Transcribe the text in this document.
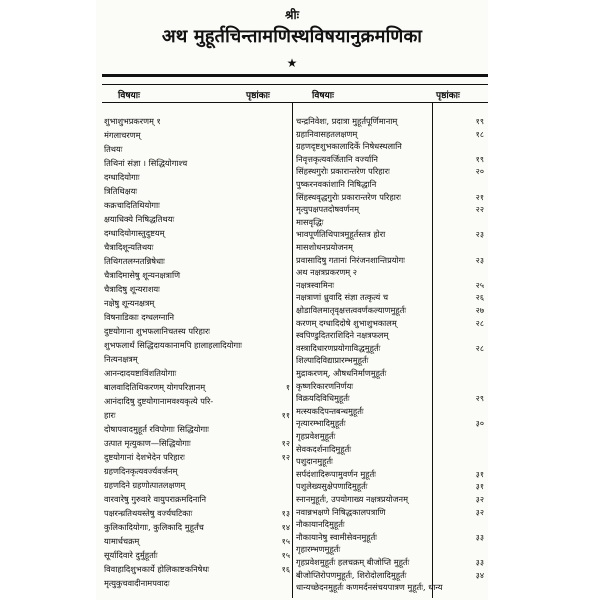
श्रीः
अथ मुहूर्तचिन्तामणिस्थविषयानुक्रमणिका
★
विषयाः	पृष्ठांकाः	विषयाः	पृष्ठांकाः
शुभाशुभप्रकरणम् १
मंगलाचरणम्
तिथयः
तिथिनां संज्ञा । सिद्धियोगाश्च
दग्धादियोगाः
त्रितिथिक्षयः
कक्रचादितिथियोगाः
क्षयाधिक्ये निषिद्धतिथयः
दग्धादियोगास्तुदुष्टयम्
चैत्रादिशून्यतिथयः
तिथिगतलग्नतन्निषेधाः
चैत्रादिमासेषु शून्यनक्षत्राणि
चैत्रादिषु शून्यराशयः
नक्षेषु शून्यनक्षत्रम्
विषनाडिकाः दग्धलग्नानि
दुष्टयोगाना शुभफलानिचतस्य परिहारः
शुभफलार्थं सिद्धिदायकानामपि हालाहलादियोगाः
नित्यनक्षत्रम्
आनन्दादयष्टाविंशतियोगाः
बालवादितिथिकरणम् योगपरिज्ञानम्	१
आनंदादिषु दुष्टयोगानामवश्यकृत्ये परि-
हारः	११
दोषापवादमुहूर्त रविपोगाः सिद्धियोगाः
उत्पात मृत्युकाण—सिद्धियोगाः	१२
दुष्टयोगानां देशभेदेन परिहारः	१२
ग्रहणदिनकृत्यवर्ज्यवर्जनम्
ग्रहणदिने ग्रहणोत्पातलक्षणम्
वारवारेषु गुरुवारे वायुपराक्रमदिनानि
पक्षरन्ध्रतिथयस्तेषु वर्ज्यघटिकाः	१३
कुलिकादियोगाः, कुलिकादि मुहूर्तंच	१४
यामार्धचक्रम्	१५
सूर्यादिवारे दुर्मुहूर्ताः	१५
विवाहादिशुभकार्ये होलिकाष्टकनिषेधः	१६
मृत्युकुचवादीनामपवादः
चन्द्रनिवेशः, प्रदात्रा मुहूर्तपूर्णिमानाम्	१९
ग्रहानिवासहतलक्षणम्	१८
ग्रहणदृष्टशुभकालादिर्के निषेधस्थलानि
निवृत्तकृत्यवर्जितानि वर्ज्यानि	१९
सिंहस्थगुरोः प्रकारान्तरेण परिहारः	२०
पुष्करनवकांशानि निषिद्धानि
सिंहस्थवृद्धगुरोः प्रकारान्तरेण परिहारः	२१
मृत्युपक्षपतदोषवर्णनम्	२२
मासवृद्धिः
भावपूर्णतिथिपात्रमुहूर्तस्तत्र होरा	२३
मासशोधनप्रयोजनम्
प्रवासादिषु गतानां निरंजनशान्तिप्रयोगः	२३
अथ नक्षत्रप्रकरणम् २
नक्षत्रस्वामिनः	२५
नक्षत्राणां ध्रुवादि संज्ञा तत्कृत्यं च	२६
क्षोडाविलमातृवृक्षत्तत्ववर्णकल्याणमुहूर्तः	२७
करणम् दग्धादिदोषे शुभाशुभकालम्	२८
स्वपिण्डुदितराशिदिने नक्षत्रफलम्
वस्त्रादिधारणप्रयोगाविद्धमुहूर्तः	२८
शिल्पादिविद्याप्रारम्भमुहूर्तः
मुद्राकरणम्, औषधनिर्माणमुहूर्तः
कृष्णरिकारणनिर्णयः
विक्रयदिविधिमुहूर्तः	२९
मत्स्यकदिपन्तबन्धमुहूर्तः
नृत्यारम्भादिमुहूर्तः	३०
गृहप्रवेशमुहूर्तः
सेवकदर्शनादिमुहूर्तः
पशुदानमुहूर्तः
सर्पदंशादिरूपामुवर्णन मुहूर्तः	३१
पशुलेख्यसुक्षेपणादिमुहूर्तः	३१
स्नानमुहूर्तः, उपयोगाख्य नक्षत्रप्रयोजनम्	३२
नवान्नभक्षणे निषिद्धकालपत्राणि	३२
नौकायानदिमुहूर्तः
नौकायानेषु स्वामीसेवनमुहूर्तः	३३
गृहारम्भणमुहूर्तः
गृहप्रवेशमुहूर्तः हलचक्रम् बीजोप्ति मुहूर्तः	३३
बीजोप्तिरोपणमुहूर्तः, शिरोदोलादिमुहूर्तः	३४
धान्यच्छेदनमुहूर्तः कणमर्दनसंचयपात्रण मुहूर्तः, धान्य
